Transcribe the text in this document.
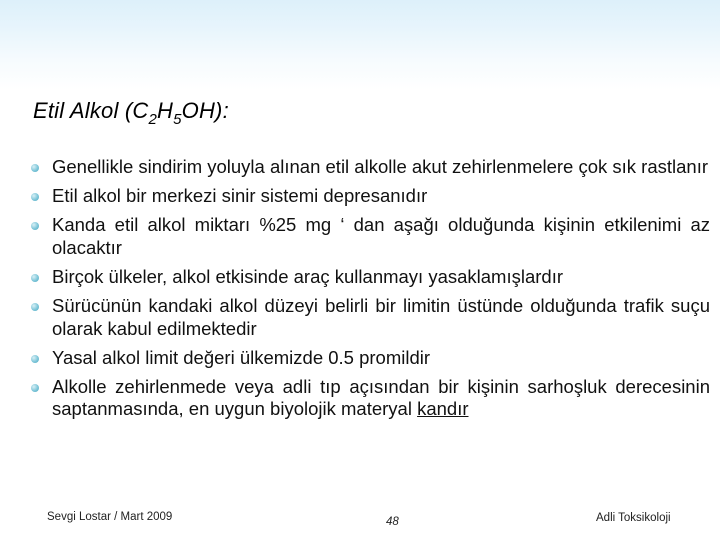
Etil Alkol $(C_2H_5OH)$:
Genellikle sindirim yoluyla alınan etil alkolle akut zehirlenmelere çok sık rastlanır
Etil alkol bir merkezi sinir sistemi depresanıdır
Kanda etil alkol miktarı %25 mg ‘ dan aşağı olduğunda kişinin etkilenimi az olacaktır
Birçok ülkeler, alkol etkisinde araç kullanmayı yasaklamışlardır
Sürücünün kandaki alkol düzeyi belirli bir limitin üstünde olduğunda trafik suçu olarak kabul edilmektedir
Yasal alkol limit değeri ülkemizde 0.5 promildir
Alkolle zehirlenmede veya adli tıp açısından bir kişinin sarhoşluk derecesinin saptanmasında, en uygun biyolojik materyal kandır
Sevgi Lostar / Mart 2009	48	Adli Toksikoloji
